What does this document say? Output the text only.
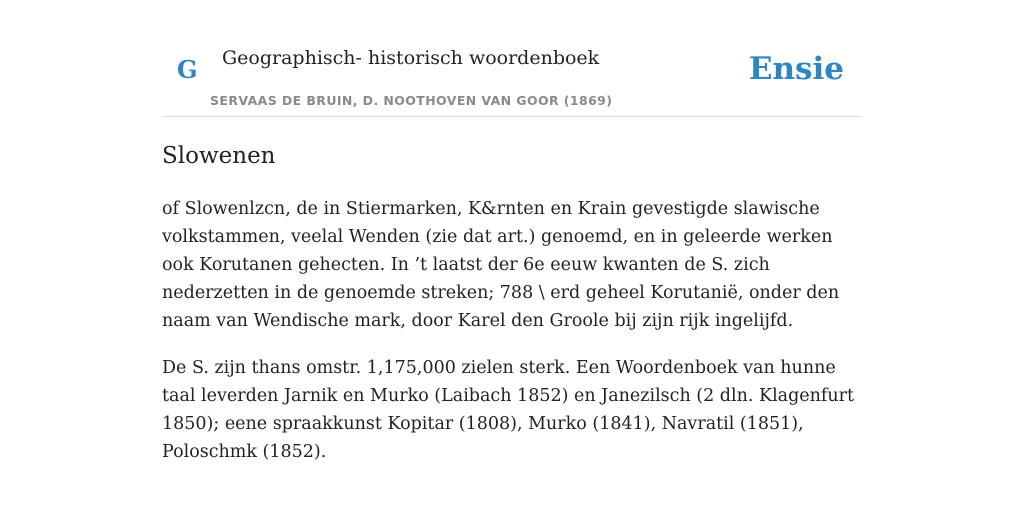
G Geographisch- historisch woordenboek
SERVAAS DE BRUIN, D. NOOTHOVEN VAN GOOR (1869)
Ensie
Slowenen

of Slowenlzcn, de in Stiermarken, K&rnten en Krain gevestigde slawische volkstammen, veelal Wenden (zie dat art.) genoemd, en in geleerde werken ook Korutanen gehecten. In ’t laatst der 6e eeuw kwanten de S. zich nederzetten in de genoemde streken; 788 \ erd geheel Korutanië, onder den naam van Wendische mark, door Karel den Groole bij zijn rijk ingelijfd.

De S. zijn thans omstr. 1,175,000 zielen sterk. Een Woordenboek van hunne taal leverden Jarnik en Murko (Laibach 1852) en Janezilsch (2 dln. Klagenfurt 1850); eene spraakkunst Kopitar (1808), Murko (1841), Navratil (1851), Poloschmk (1852).
